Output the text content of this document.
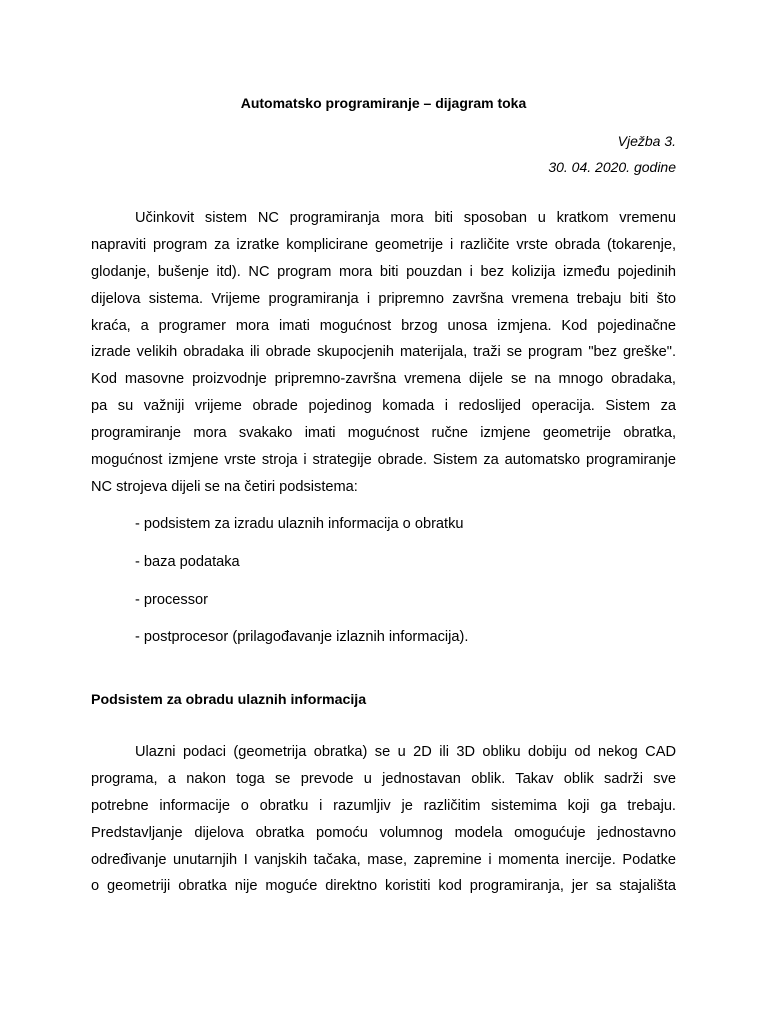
Automatsko programiranje – dijagram toka
Vježba 3.
30. 04. 2020. godine
Učinkovit sistem NC programiranja mora biti sposoban u kratkom vremenu
napraviti program za izratke komplicirane geometrije i različite vrste obrada (tokarenje,
glodanje, bušenje itd). NC program mora biti pouzdan i bez kolizija između pojedinih
dijelova sistema. Vrijeme programiranja i pripremno završna vremena trebaju biti što
kraća, a programer mora imati mogućnost brzog unosa izmjena. Kod pojedinačne
izrade velikih obradaka ili obrade skupocjenih materijala, traži se program "bez greške".
Kod masovne proizvodnje pripremno-završna vremena dijele se na mnogo obradaka,
pa su važniji vrijeme obrade pojedinog komada i redoslijed operacija. Sistem za
programiranje mora svakako imati mogućnost ručne izmjene geometrije obratka,
mogućnost izmjene vrste stroja i strategije obrade. Sistem za automatsko programiranje
NC strojeva dijeli se na četiri podsistema:
- podsistem za izradu ulaznih informacija o obratku
- baza podataka
- processor
- postprocesor (prilagođavanje izlaznih informacija).
Podsistem za obradu ulaznih informacija
Ulazni podaci (geometrija obratka) se u 2D ili 3D obliku dobiju od nekog CAD
programa, a nakon toga se prevode u jednostavan oblik. Takav oblik sadrži sve
potrebne informacije o obratku i razumljiv je različitim sistemima koji ga trebaju.
Predstavljanje dijelova obratka pomoću volumnog modela omogućuje jednostavno
određivanje unutarnjih I vanjskih tačaka, mase, zapremine i momenta inercije. Podatke
o geometriji obratka nije moguće direktno koristiti kod programiranja, jer sa stajališta
